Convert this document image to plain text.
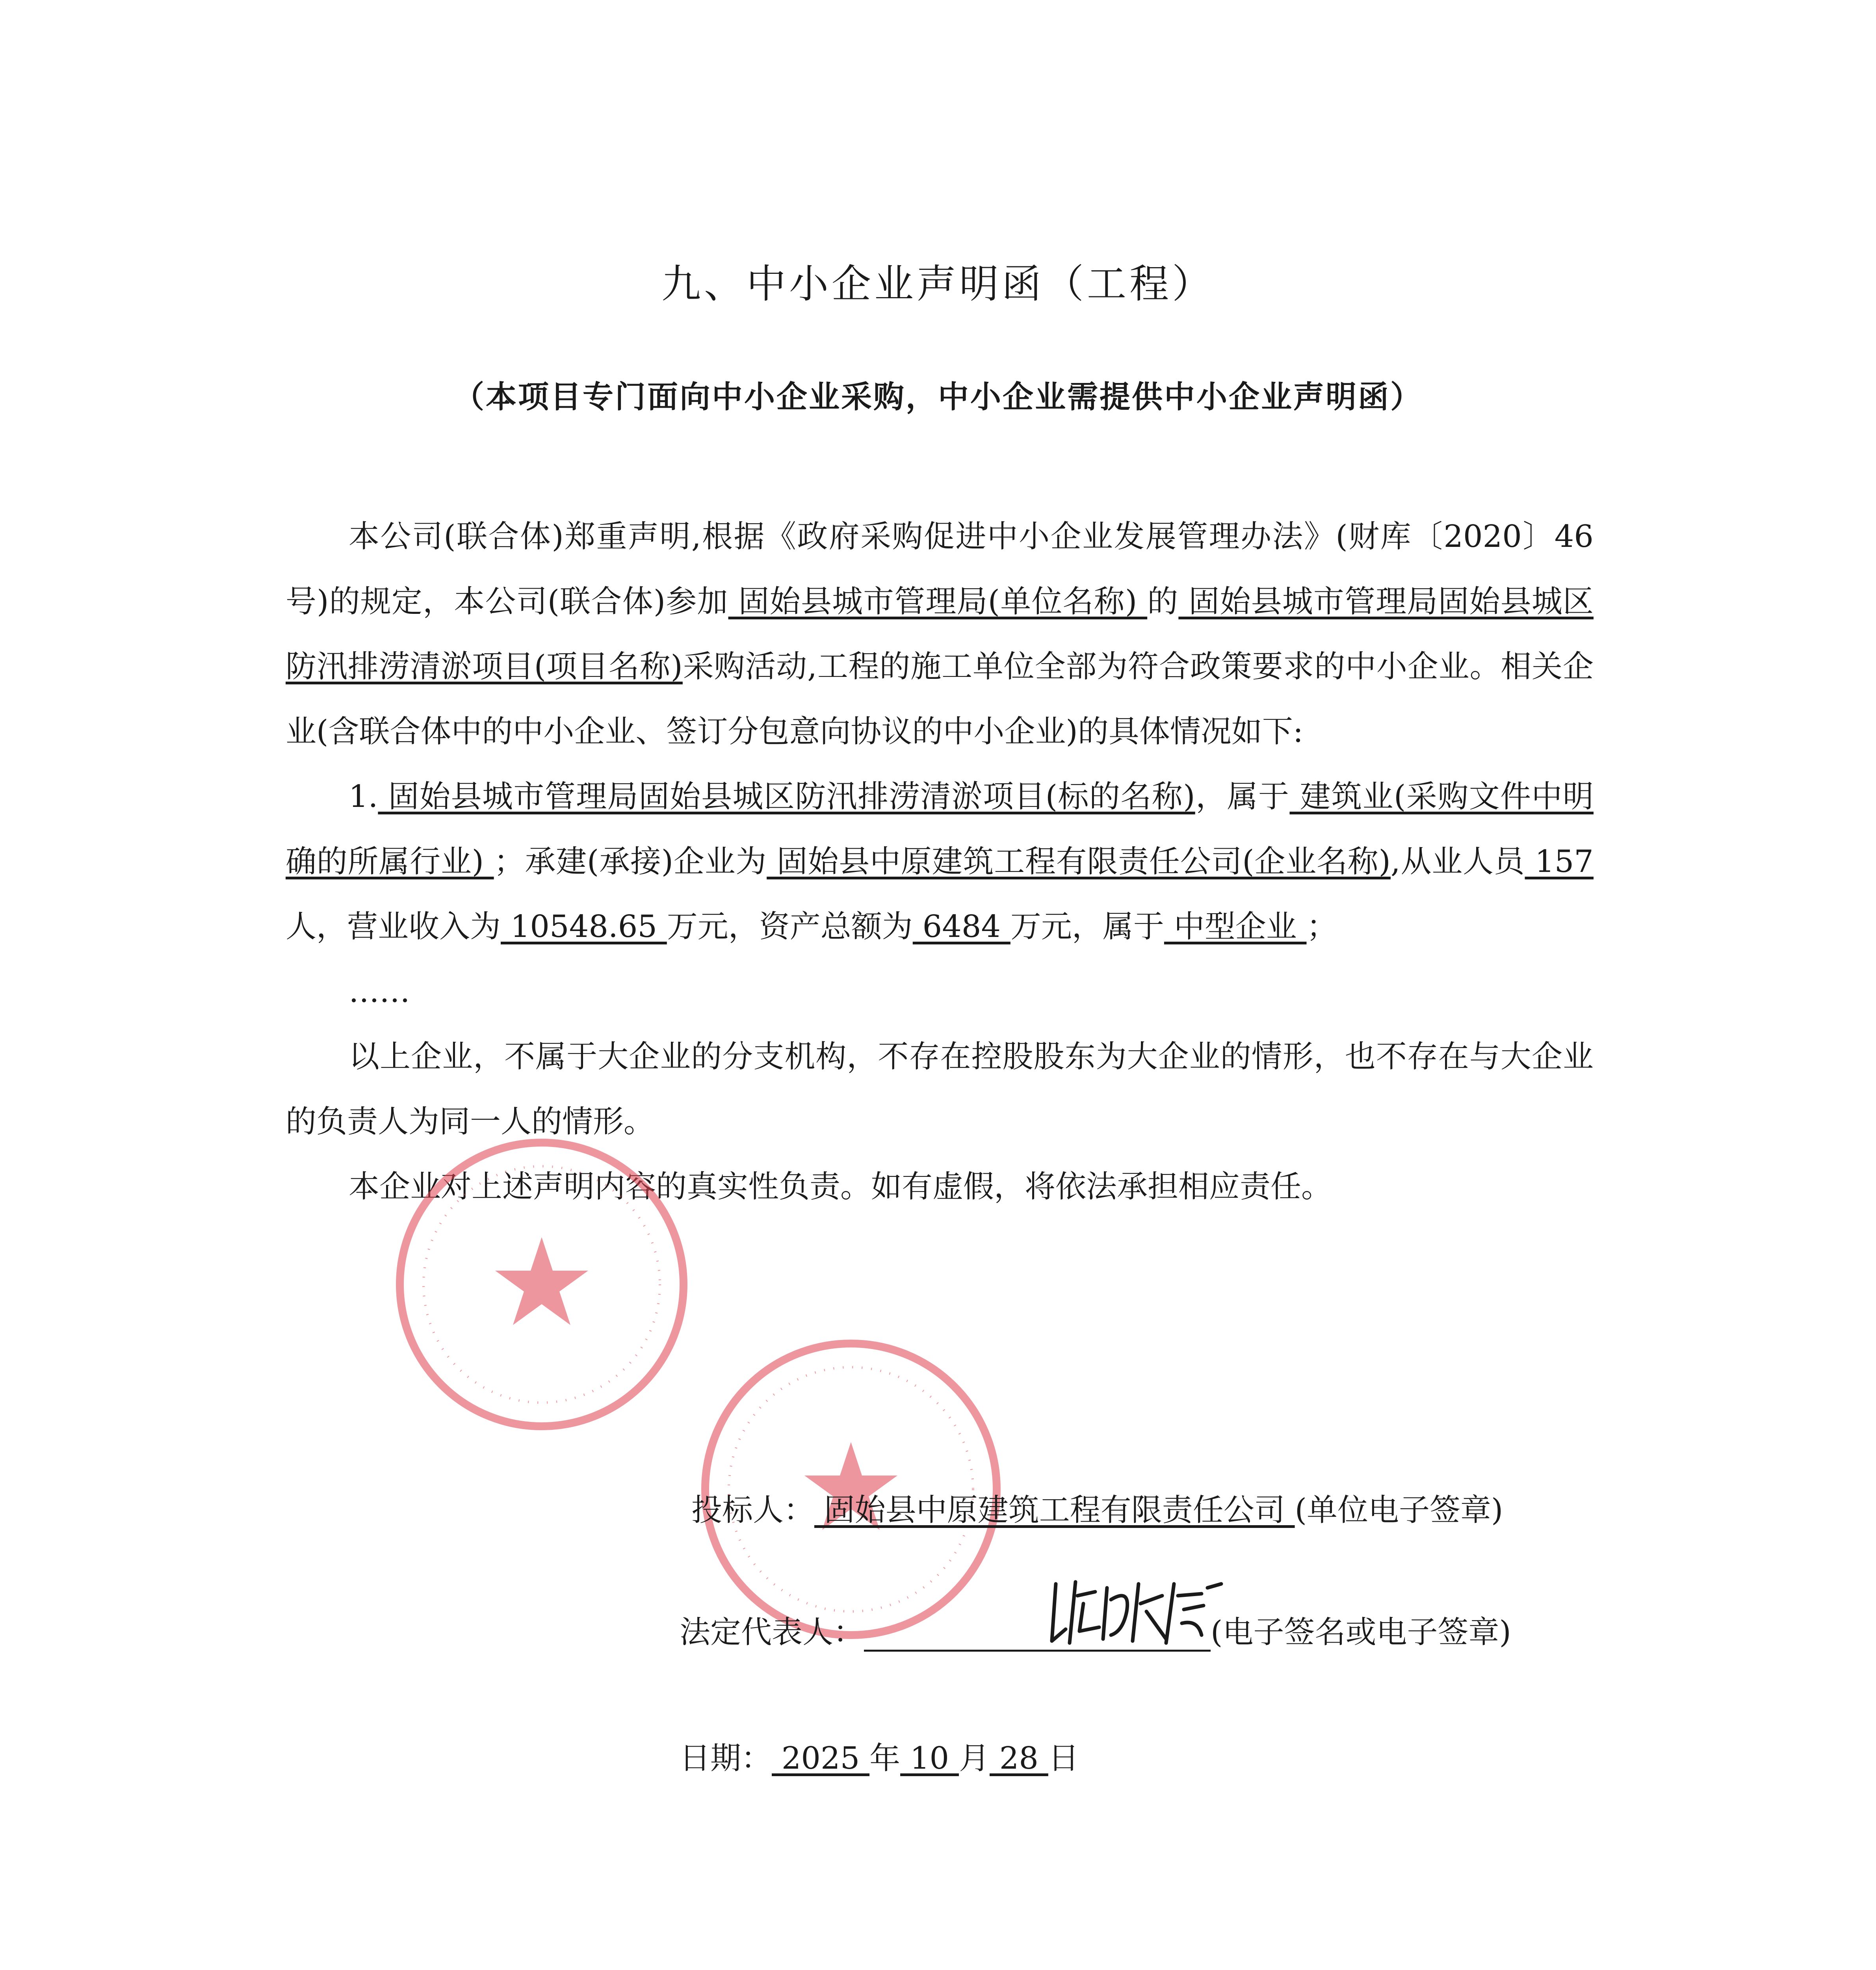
九、中小企业声明函（工程）
（本项目专门面向中小企业采购，中小企业需提供中小企业声明函）

本公司(联合体)郑重声明,根据《政府采购促进中小企业发展管理办法》(财库〔2020〕46号)的规定，本公司(联合体)参加 固始县城市管理局(单位名称) 的 固始县城市管理局固始县城区防汛排涝清淤项目(项目名称)采购活动,工程的施工单位全部为符合政策要求的中小企业。相关企业(含联合体中的中小企业、签订分包意向协议的中小企业)的具体情况如下:

1. 固始县城市管理局固始县城区防汛排涝清淤项目(标的名称)，属于 建筑业(采购文件中明确的所属行业) ；承建(承接)企业为 固始县中原建筑工程有限责任公司(企业名称),从业人员 157 人，营业收入为 10548.65 万元，资产总额为 6484 万元，属于 中型企业 ；

……

以上企业，不属于大企业的分支机构，不存在控股股东为大企业的情形，也不存在与大企业的负责人为同一人的情形。

本企业对上述声明内容的真实性负责。如有虚假，将依法承担相应责任。

投标人： 固始县中原建筑工程有限责任公司 (单位电子签章)
法定代表人：	(电子签名或电子签章)
日期： 2025 年 10 月 28 日
